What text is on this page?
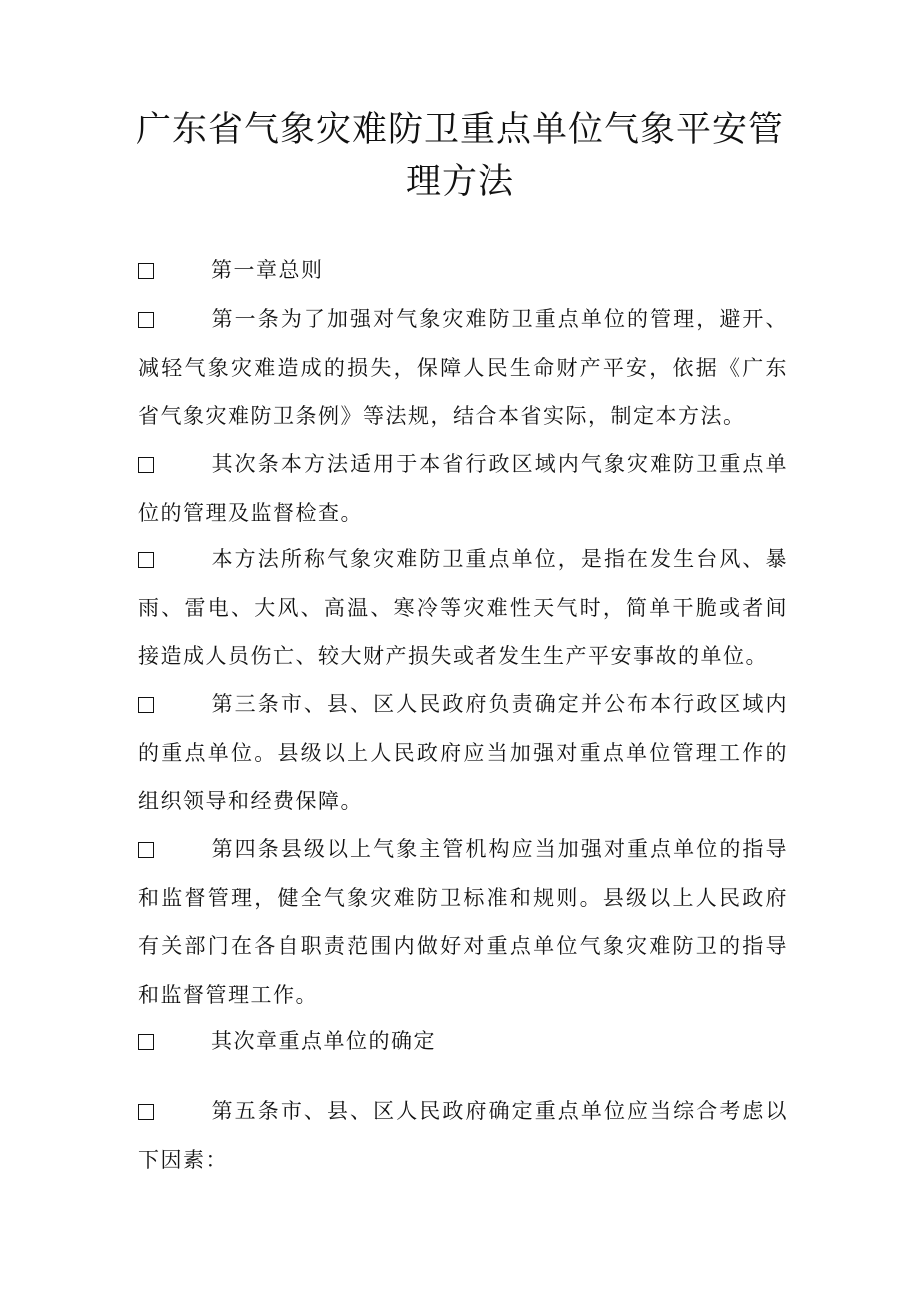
广东省气象灾难防卫重点单位气象平安管
理方法

第一章总则

第一条为了加强对气象灾难防卫重点单位的管理，避开、减轻气象灾难造成的损失，保障人民生命财产平安，依据《广东省气象灾难防卫条例》等法规，结合本省实际，制定本方法。

其次条本方法适用于本省行政区域内气象灾难防卫重点单位的管理及监督检查。

本方法所称气象灾难防卫重点单位，是指在发生台风、暴雨、雷电、大风、高温、寒冷等灾难性天气时，简单干脆或者间接造成人员伤亡、较大财产损失或者发生生产平安事故的单位。

第三条市、县、区人民政府负责确定并公布本行政区域内的重点单位。县级以上人民政府应当加强对重点单位管理工作的组织领导和经费保障。

第四条县级以上气象主管机构应当加强对重点单位的指导和监督管理，健全气象灾难防卫标准和规则。县级以上人民政府有关部门在各自职责范围内做好对重点单位气象灾难防卫的指导和监督管理工作。

其次章重点单位的确定

第五条市、县、区人民政府确定重点单位应当综合考虑以下因素：
